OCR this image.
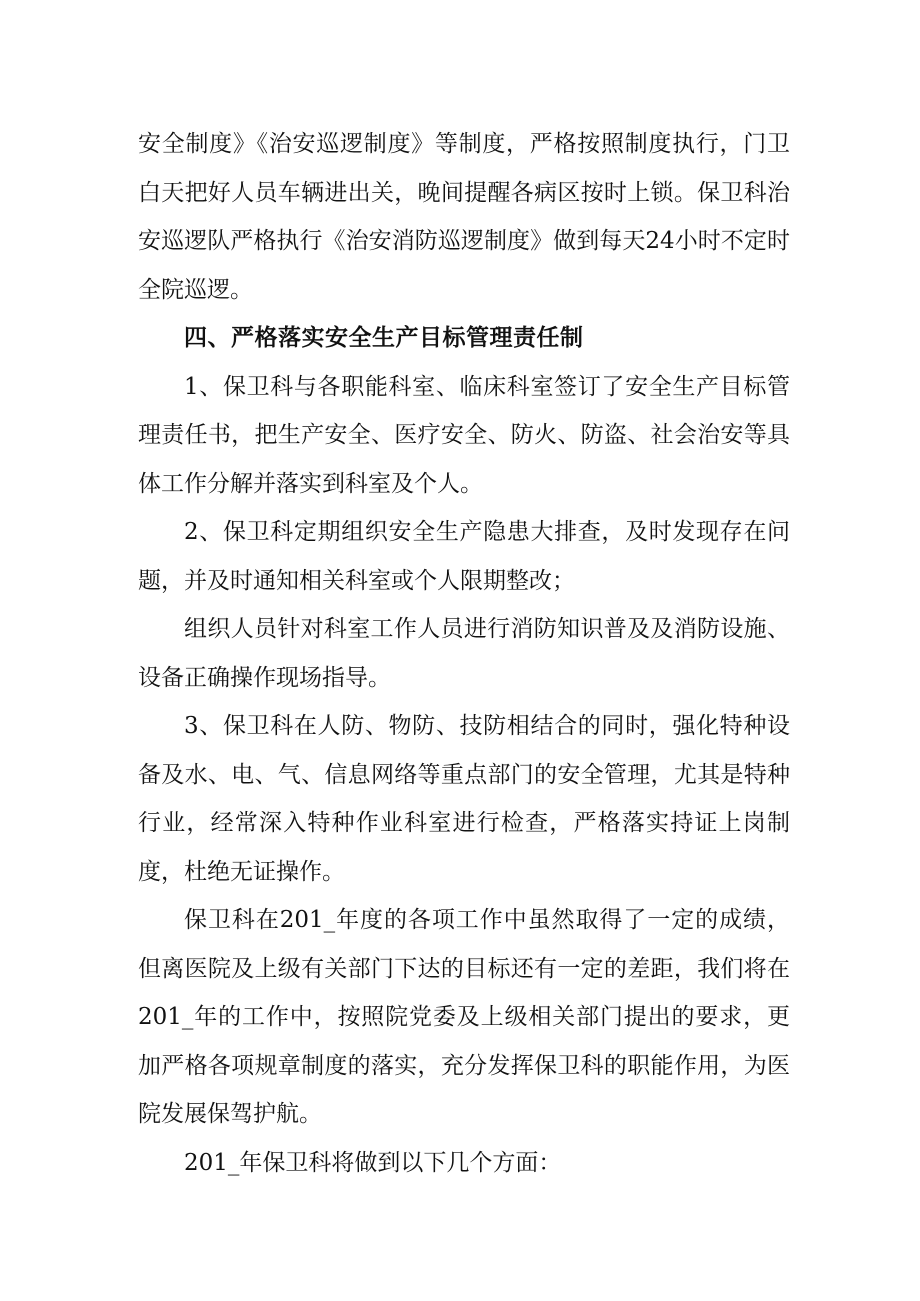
安全制度》《治安巡逻制度》等制度，严格按照制度执行，门卫白天把好人员车辆进出关，晚间提醒各病区按时上锁。保卫科治安巡逻队严格执行《治安消防巡逻制度》做到每天24小时不定时全院巡逻。

四、严格落实安全生产目标管理责任制

1、保卫科与各职能科室、临床科室签订了安全生产目标管理责任书，把生产安全、医疗安全、防火、防盗、社会治安等具体工作分解并落实到科室及个人。

2、保卫科定期组织安全生产隐患大排查，及时发现存在问题，并及时通知相关科室或个人限期整改；

组织人员针对科室工作人员进行消防知识普及及消防设施、设备正确操作现场指导。

3、保卫科在人防、物防、技防相结合的同时，强化特种设备及水、电、气、信息网络等重点部门的安全管理，尤其是特种行业，经常深入特种作业科室进行检查，严格落实持证上岗制度，杜绝无证操作。

保卫科在201_年度的各项工作中虽然取得了一定的成绩，但离医院及上级有关部门下达的目标还有一定的差距，我们将在201_年的工作中，按照院党委及上级相关部门提出的要求，更加严格各项规章制度的落实，充分发挥保卫科的职能作用，为医院发展保驾护航。

201_年保卫科将做到以下几个方面：
